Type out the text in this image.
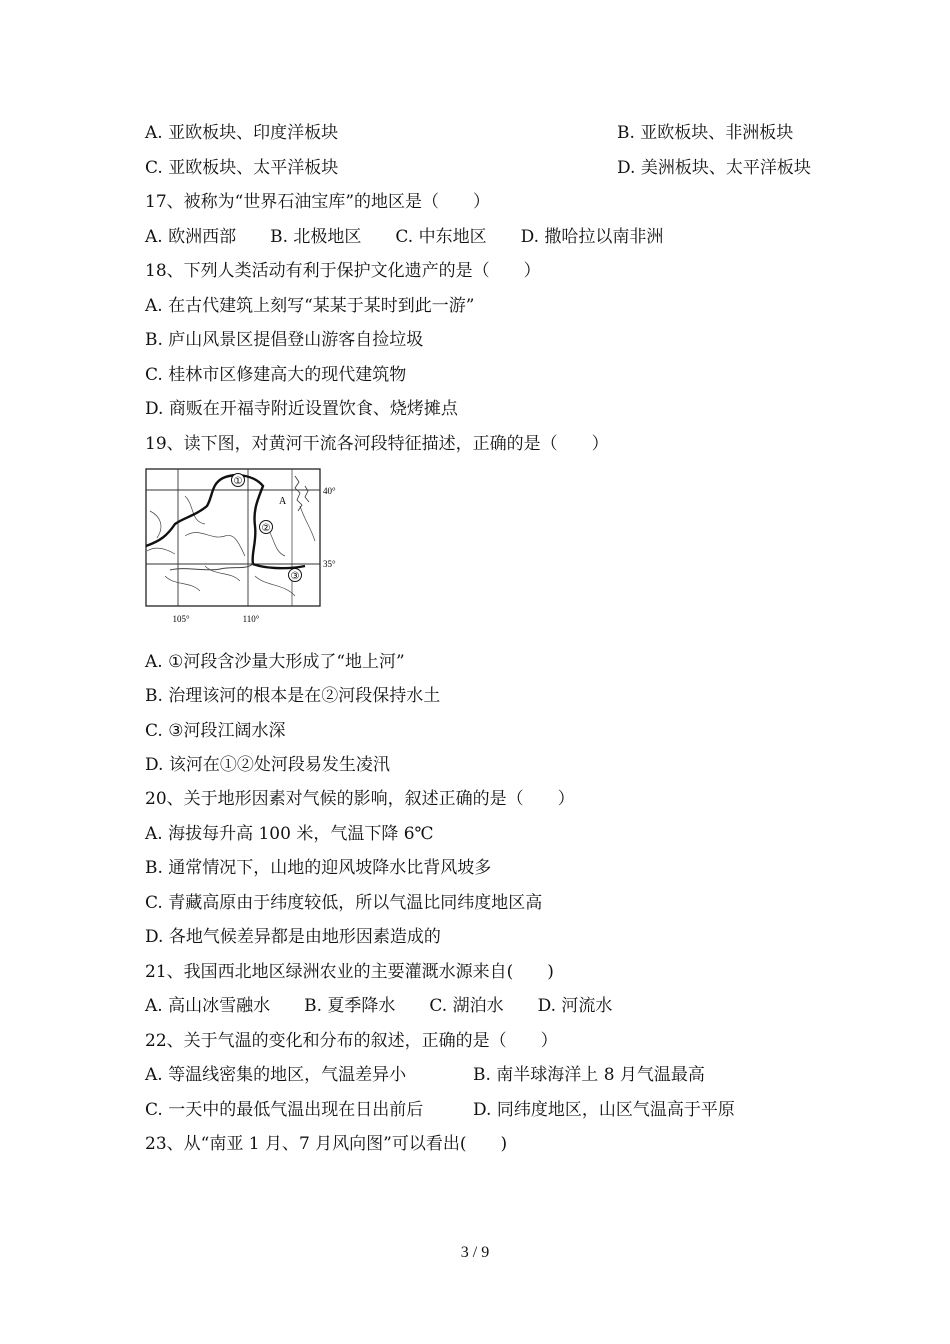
A. 亚欧板块、印度洋板块	B. 亚欧板块、非洲板块
C. 亚欧板块、太平洋板块	D. 美洲板块、太平洋板块
17、被称为“世界石油宝库”的地区是（　　）
A. 欧洲西部　　B. 北极地区　　C. 中东地区　　D. 撒哈拉以南非洲
18、下列人类活动有利于保护文化遗产的是（　　）
A. 在古代建筑上刻写“某某于某时到此一游”
B. 庐山风景区提倡登山游客自捡垃圾
C. 桂林市区修建高大的现代建筑物
D. 商贩在开福寺附近设置饮食、烧烤摊点
19、读下图，对黄河干流各河段特征描述，正确的是（　　）
①
②
③
A
40°
35°
105°	110°
A. ①河段含沙量大形成了“地上河”
B. 治理该河的根本是在②河段保持水土
C. ③河段江阔水深
D. 该河在①②处河段易发生凌汛
20、关于地形因素对气候的影响，叙述正确的是（　　）
A. 海拔每升高 100 米，气温下降 6℃
B. 通常情况下，山地的迎风坡降水比背风坡多
C. 青藏高原由于纬度较低，所以气温比同纬度地区高
D. 各地气候差异都是由地形因素造成的
21、我国西北地区绿洲农业的主要灌溉水源来自(　　)
A. 高山冰雪融水　　B. 夏季降水　　C. 湖泊水　　D. 河流水
22、关于气温的变化和分布的叙述，正确的是（　　）
A. 等温线密集的地区，气温差异小	B. 南半球海洋上 8 月气温最高
C. 一天中的最低气温出现在日出前后	D. 同纬度地区，山区气温高于平原
23、从“南亚 1 月、7 月风向图”可以看出(　　)
3 / 9
